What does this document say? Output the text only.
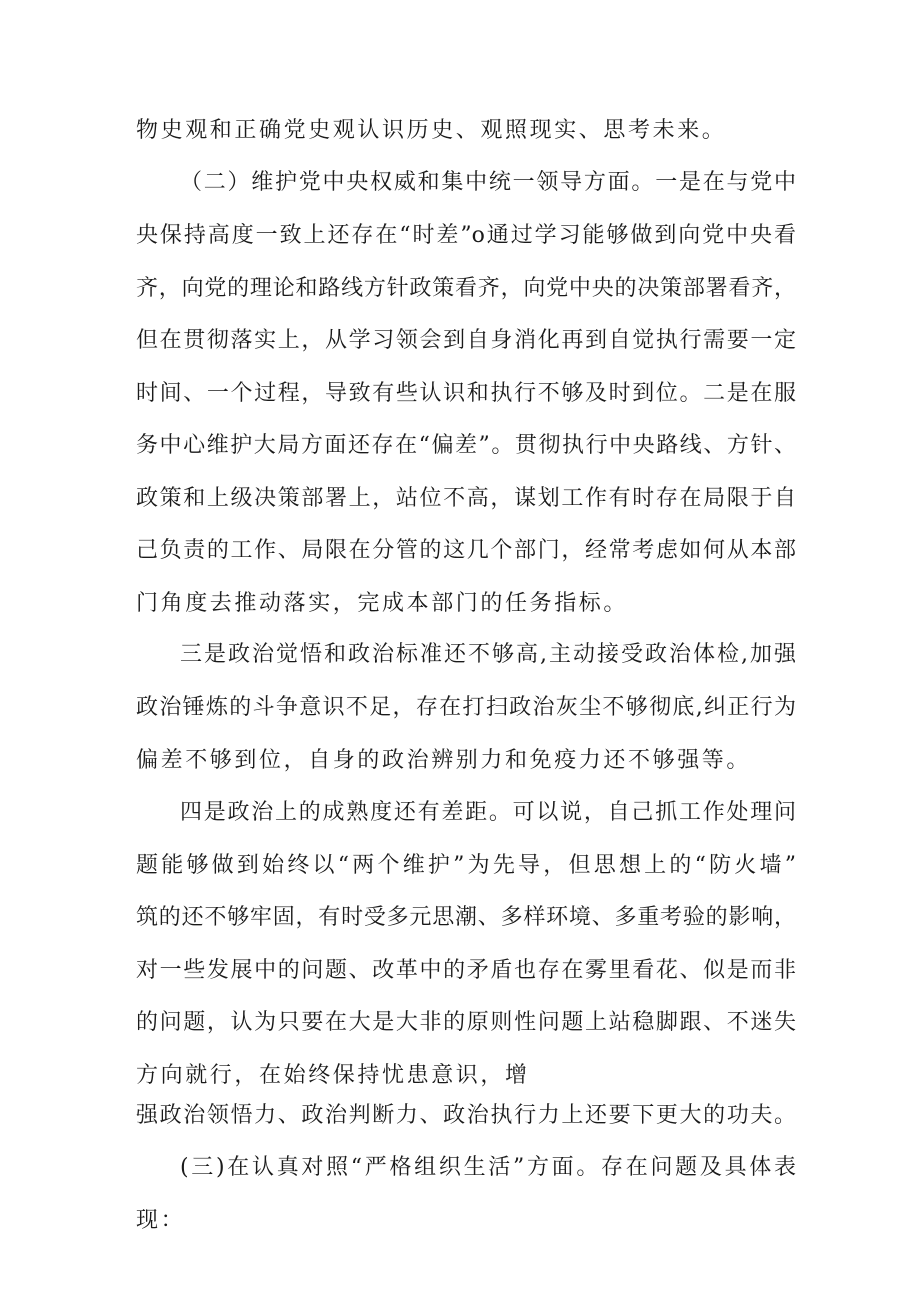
物史观和正确党史观认识历史、观照现实、思考未来。
（二）维护党中央权威和集中统一领导方面。一是在与党中
央保持高度一致上还存在“时差”o通过学习能够做到向党中央看
齐，向党的理论和路线方针政策看齐，向党中央的决策部署看齐，
但在贯彻落实上，从学习领会到自身消化再到自觉执行需要一定
时间、一个过程，导致有些认识和执行不够及时到位。二是在服
务中心维护大局方面还存在“偏差”。贯彻执行中央路线、方针、
政策和上级决策部署上，站位不高，谋划工作有时存在局限于自
己负责的工作、局限在分管的这几个部门，经常考虑如何从本部
门角度去推动落实，完成本部门的任务指标。
三是政治觉悟和政治标准还不够高,主动接受政治体检,加强
政治锤炼的斗争意识不足，存在打扫政治灰尘不够彻底,纠正行为
偏差不够到位，自身的政治辨别力和免疫力还不够强等。
四是政治上的成熟度还有差距。可以说，自己抓工作处理问
题能够做到始终以“两个维护”为先导，但思想上的“防火墙”
筑的还不够牢固，有时受多元思潮、多样环境、多重考验的影响，
对一些发展中的问题、改革中的矛盾也存在雾里看花、似是而非
的问题，认为只要在大是大非的原则性问题上站稳脚跟、不迷失
方向就行，在始终保持忧患意识，增
强政治领悟力、政治判断力、政治执行力上还要下更大的功夫。
(三)在认真对照“严格组织生活”方面。存在问题及具体表
现：
